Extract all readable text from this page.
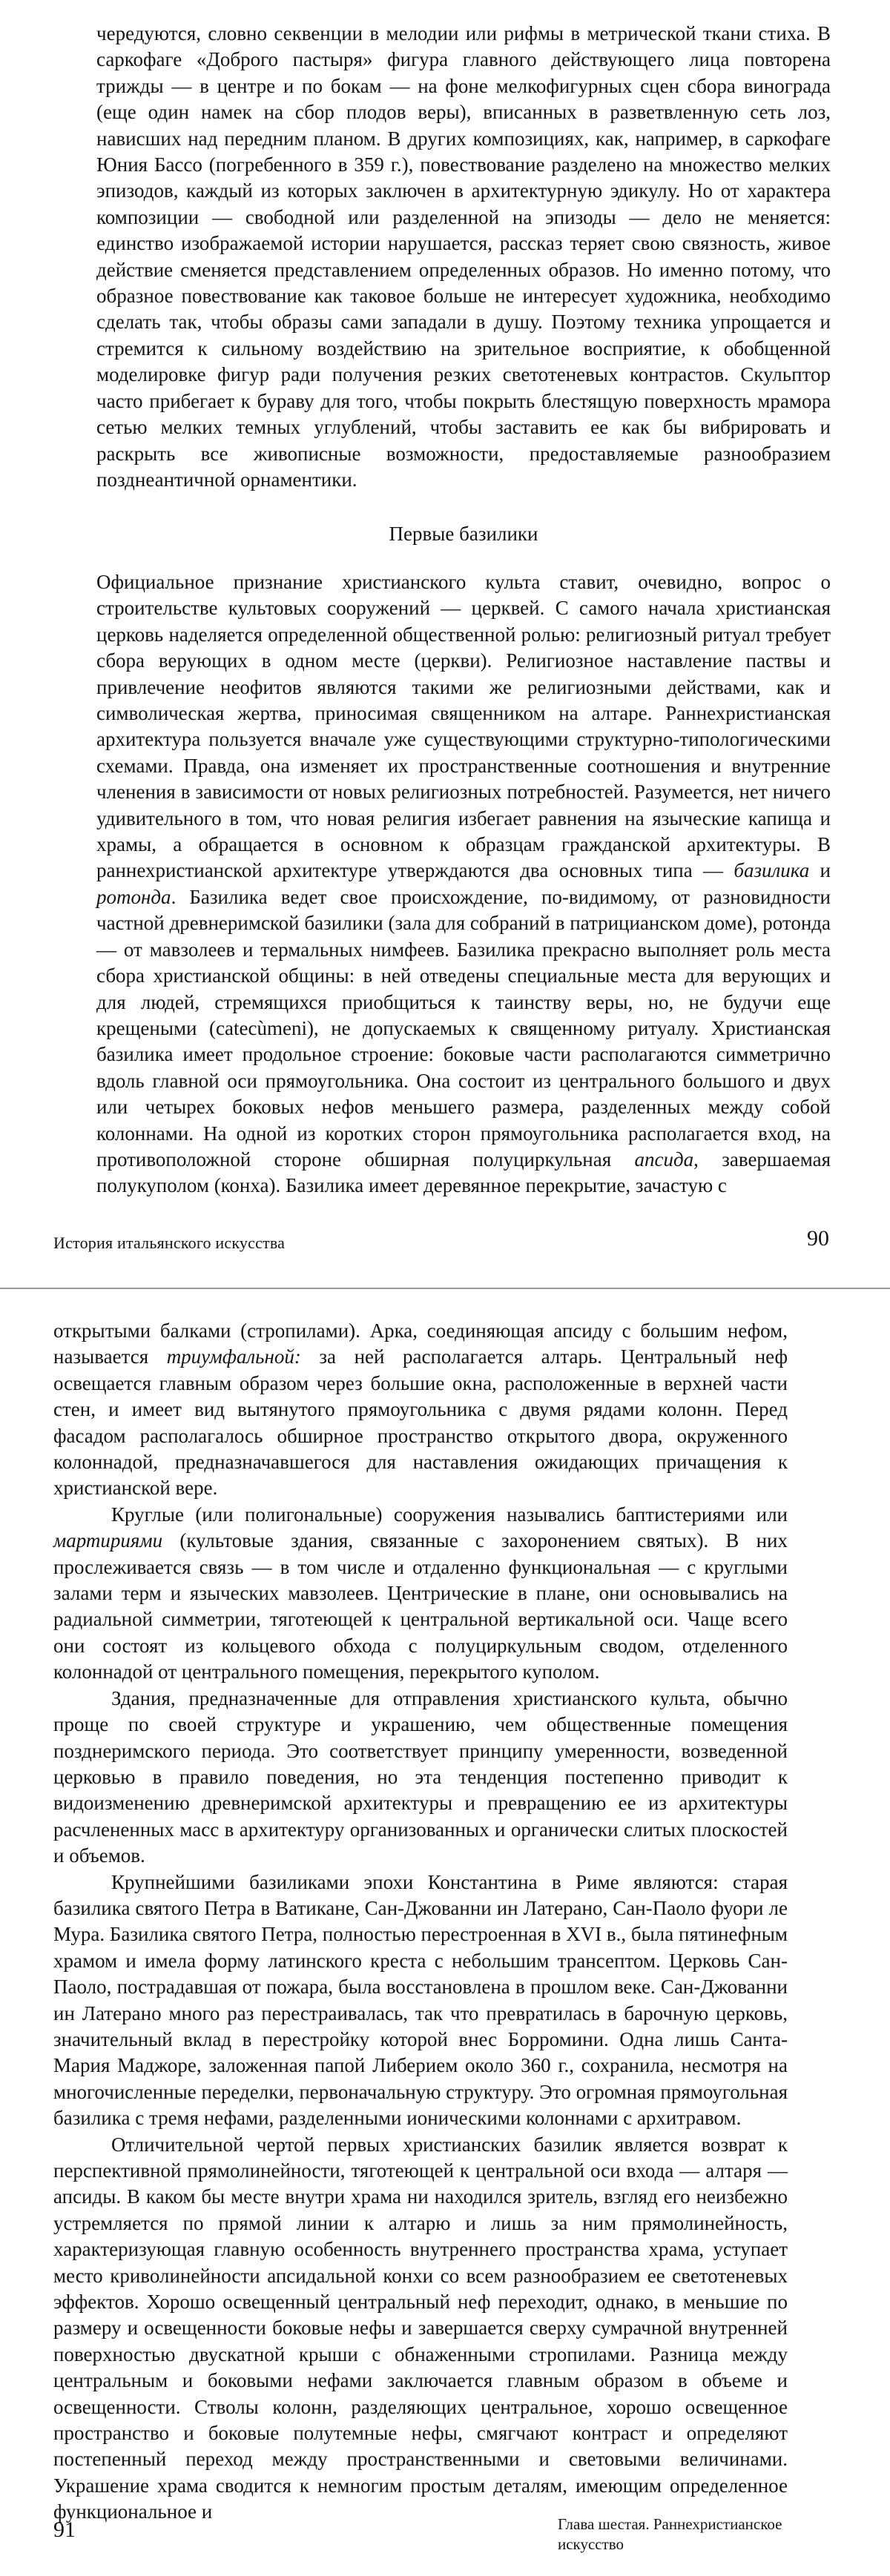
чередуются, словно секвенции в мелодии или рифмы в метрической ткани стиха. В саркофаге «Доброго пастыря» фигура главного действующего лица повторена трижды — в центре и по бокам — на фоне мелкофигурных сцен сбора винограда (еще один намек на сбор плодов веры), вписанных в разветвленную сеть лоз, нависших над передним планом. В других композициях, как, например, в саркофаге Юния Бассо (погребенного в 359 г.), повествование разделено на множество мелких эпизодов, каждый из которых заключен в архитектурную эдикулу. Но от характера композиции — свободной или разделенной на эпизоды — дело не меняется: единство изображаемой истории нарушается, рассказ теряет свою связность, живое действие сменяется представлением определенных образов. Но именно потому, что образное повествование как таковое больше не интересует художника, необходимо сделать так, чтобы образы сами западали в душу. Поэтому техника упрощается и стремится к сильному воздействию на зрительное восприятие, к обобщенной моделировке фигур ради получения резких светотеневых контрастов. Скульптор часто прибегает к бураву для того, чтобы покрыть блестящую поверхность мрамора сетью мелких темных углублений, чтобы заставить ее как бы вибрировать и раскрыть все живописные возможности, предоставляемые разнообразием позднеантичной орнаментики.

Первые базилики

Официальное признание христианского культа ставит, очевидно, вопрос о строительстве культовых сооружений — церквей. С самого начала христианская церковь наделяется определенной общественной ролью: религиозный ритуал требует сбора верующих в одном месте (церкви). Религиозное наставление паствы и привлечение неофитов являются такими же религиозными действами, как и символическая жертва, приносимая священником на алтаре. Раннехристианская архитектура пользуется вначале уже существующими структурно-типологическими схемами. Правда, она изменяет их пространственные соотношения и внутренние членения в зависимости от новых религиозных потребностей. Разумеется, нет ничего удивительного в том, что новая религия избегает равнения на языческие капища и храмы, а обращается в основном к образцам гражданской архитектуры. В раннехристианской архитектуре утверждаются два основных типа — базилика и ротонда. Базилика ведет свое происхождение, по-видимому, от разновидности частной древнеримской базилики (зала для собраний в патрицианском доме), ротонда — от мавзолеев и термальных нимфеев. Базилика прекрасно выполняет роль места сбора христианской общины: в ней отведены специальные места для верующих и для людей, стремящихся приобщиться к таинству веры, но, не будучи еще крещеными (catecùmeni), не допускаемых к священному ритуалу. Христианская базилика имеет продольное строение: боковые части располагаются симметрично вдоль главной оси прямоугольника. Она состоит из центрального большого и двух или четырех боковых нефов меньшего размера, разделенных между собой колоннами. На одной из коротких сторон прямоугольника располагается вход, на противоположной стороне обширная полуциркульная апсида, завершаемая полукуполом (конха). Базилика имеет деревянное перекрытие, зачастую с

История итальянского искусства	90

открытыми балками (стропилами). Арка, соединяющая апсиду с большим нефом, называется триумфальной: за ней располагается алтарь. Центральный неф освещается главным образом через большие окна, расположенные в верхней части стен, и имеет вид вытянутого прямоугольника с двумя рядами колонн. Перед фасадом располагалось обширное пространство открытого двора, окруженного колоннадой, предназначавшегося для наставления ожидающих причащения к христианской вере.

Круглые (или полигональные) сооружения назывались баптистериями или мартириями (культовые здания, связанные с захоронением святых). В них прослеживается связь — в том числе и отдаленно функциональная — с круглыми залами терм и языческих мавзолеев. Центрические в плане, они основывались на радиальной симметрии, тяготеющей к центральной вертикальной оси. Чаще всего они состоят из кольцевого обхода с полуциркульным сводом, отделенного колоннадой от центрального помещения, перекрытого куполом.

Здания, предназначенные для отправления христианского культа, обычно проще по своей структуре и украшению, чем общественные помещения позднеримского периода. Это соответствует принципу умеренности, возведенной церковью в правило поведения, но эта тенденция постепенно приводит к видоизменению древнеримской архитектуры и превращению ее из архитектуры расчлененных масс в архитектуру организованных и органически слитых плоскостей и объемов.

Крупнейшими базиликами эпохи Константина в Риме являются: старая базилика святого Петра в Ватикане, Сан-Джованни ин Латерано, Сан-Паоло фуори ле Мура. Базилика святого Петра, полностью перестроенная в XVI в., была пятинефным храмом и имела форму латинского креста с небольшим трансептом. Церковь Сан-Паоло, пострадавшая от пожара, была восстановлена в прошлом веке. Сан-Джованни ин Латерано много раз перестраивалась, так что превратилась в барочную церковь, значительный вклад в перестройку которой внес Борромини. Одна лишь Санта-Мария Маджоре, заложенная папой Либерием около 360 г., сохранила, несмотря на многочисленные переделки, первоначальную структуру. Это огромная прямоугольная базилика с тремя нефами, разделенными ионическими колоннами с архитравом.

Отличительной чертой первых христианских базилик является возврат к перспективной прямолинейности, тяготеющей к центральной оси входа — алтаря — апсиды. В каком бы месте внутри храма ни находился зритель, взгляд его неизбежно устремляется по прямой линии к алтарю и лишь за ним прямолинейность, характеризующая главную особенность внутреннего пространства храма, уступает место криволинейности апсидальной конхи со всем разнообразием ее светотеневых эффектов. Хорошо освещенный центральный неф переходит, однако, в меньшие по размеру и освещенности боковые нефы и завершается сверху сумрачной внутренней поверхностью двускатной крыши с обнаженными стропилами. Разница между центральным и боковыми нефами заключается главным образом в объеме и освещенности. Стволы колонн, разделяющих центральное, хорошо освещенное пространство и боковые полутемные нефы, смягчают контраст и определяют постепенный переход между пространственными и световыми величинами. Украшение храма сводится к немногим простым деталям, имеющим определенное функциональное и

91	Глава шестая. Раннехристианское
искусство
